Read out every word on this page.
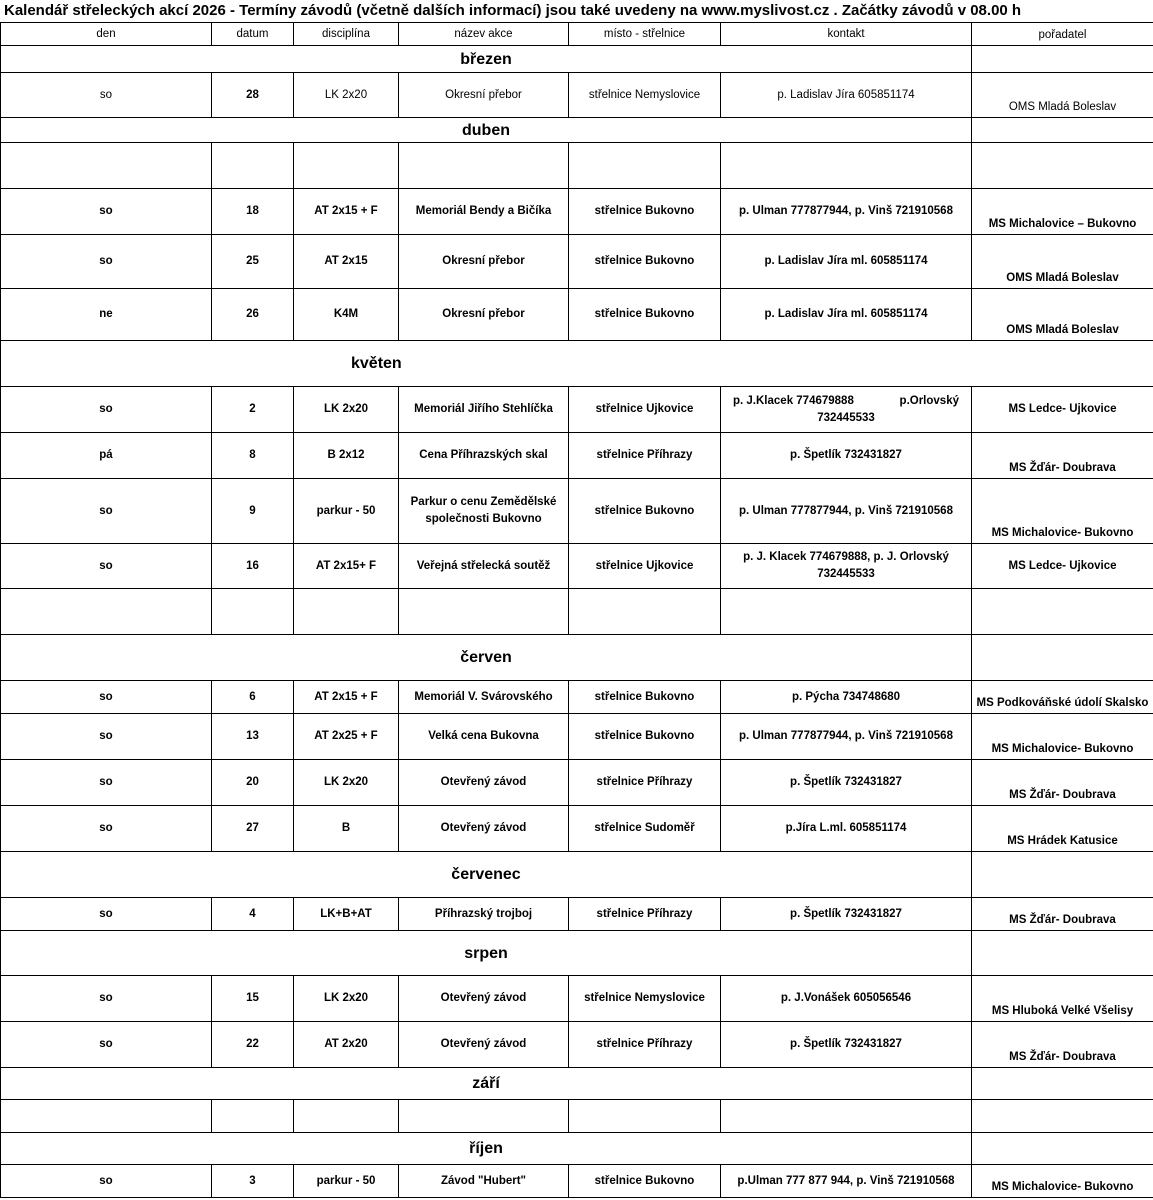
Kalendář střeleckých akcí 2026 - Termíny závodů (včetně dalších informací) jsou také uvedeny na www.myslivost.cz . Začátky závodů v 08.00 h
den	datum	disciplína	název akce	místo - střelnice	kontakt	pořadatel
březen						
so	28	LK 2x20	Okresní přebor	střelnice Nemyslovice	p. Ladislav Jíra 605851174	OMS Mladá Boleslav
duben						

so	18	AT 2x15 + F	Memoriál Bendy a Bičíka	střelnice Bukovno	p. Ulman 777877944, p. Vinš 721910568	MS Michalovice – Bukovno
so	25	AT 2x15	Okresní přebor	střelnice Bukovno	p. Ladislav Jíra ml. 605851174	OMS Mladá Boleslav
ne	26	K4M	Okresní přebor	střelnice Bukovno	p. Ladislav Jíra ml. 605851174	OMS Mladá Boleslav
květen						
so	2	LK 2x20	Memoriál Jiřího Stehlíčka	střelnice Ujkovice	p. J.Klacek 774679888 p.Orlovský
732445533	MS Ledce- Ujkovice
pá	8	B 2x12	Cena Příhrazských skal	střelnice Příhrazy	p. Špetlík 732431827	MS Žďár- Doubrava
so	9	parkur - 50	Parkur o cenu Zemědělské
společnosti Bukovno	střelnice Bukovno	p. Ulman 777877944, p. Vinš 721910568	MS Michalovice- Bukovno
so	16	AT 2x15+ F	Veřejná střelecká soutěž	střelnice Ujkovice	p. J. Klacek 774679888, p. J. Orlovský
732445533	MS Ledce- Ujkovice

červen						
so	6	AT 2x15 + F	Memoriál V. Svárovského	střelnice Bukovno	p. Pýcha 734748680	MS Podkováňské údolí Skalsko
so	13	AT 2x25 + F	Velká cena Bukovna	střelnice Bukovno	p. Ulman 777877944, p. Vinš 721910568	MS Michalovice- Bukovno
so	20	LK 2x20	Otevřený závod	střelnice Příhrazy	p. Špetlík 732431827	MS Žďár- Doubrava
so	27	B	Otevřený závod	střelnice Sudoměř	p.Jíra L.ml. 605851174	MS Hrádek Katusice
červenec						
so	4	LK+B+AT	Příhrazský trojboj	střelnice Příhrazy	p. Špetlík 732431827	MS Žďár- Doubrava
srpen						
so	15	LK 2x20	Otevřený závod	střelnice Nemyslovice	p. J.Vonášek 605056546	MS Hluboká Velké Všelisy
so	22	AT 2x20	Otevřený závod	střelnice Příhrazy	p. Špetlík 732431827	MS Žďár- Doubrava
září						

říjen						
so	3	parkur - 50	Závod "Hubert"	střelnice Bukovno	p.Ulman 777 877 944, p. Vinš 721910568	MS Michalovice- Bukovno
